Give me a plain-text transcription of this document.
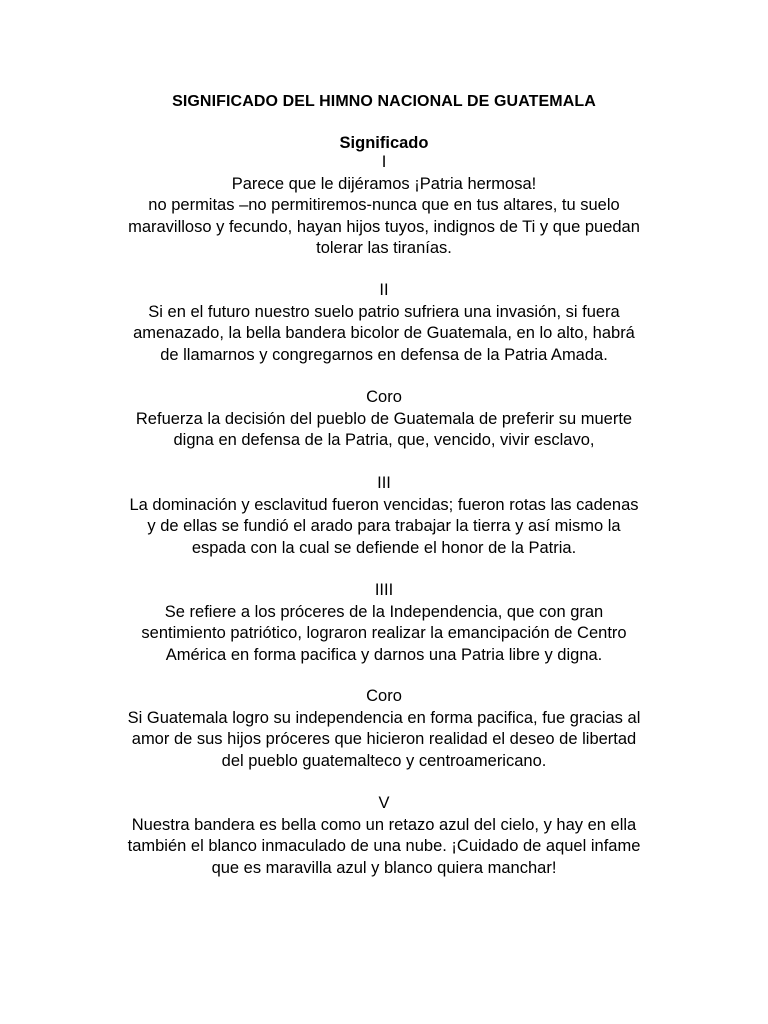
SIGNIFICADO DEL HIMNO NACIONAL DE GUATEMALA
Significado
I
Parece que le dijéramos ¡Patria hermosa!
no permitas –no permitiremos-nunca que en tus altares, tu suelo
maravilloso y fecundo, hayan hijos tuyos, indignos de Ti y que puedan
tolerar las tiranías.
II
Si en el futuro nuestro suelo patrio sufriera una invasión, si fuera
amenazado, la bella bandera bicolor de Guatemala, en lo alto, habrá
de llamarnos y congregarnos en defensa de la Patria Amada.
Coro
Refuerza la decisión del pueblo de Guatemala de preferir su muerte
digna en defensa de la Patria, que, vencido, vivir esclavo,
III
La dominación y esclavitud fueron vencidas; fueron rotas las cadenas
y de ellas se fundió el arado para trabajar la tierra y así mismo la
espada con la cual se defiende el honor de la Patria.
IIII
Se refiere a los próceres de la Independencia, que con gran
sentimiento patriótico, lograron realizar la emancipación de Centro
América en forma pacifica y darnos una Patria libre y digna.
Coro
Si Guatemala logro su independencia en forma pacifica, fue gracias al
amor de sus hijos próceres que hicieron realidad el deseo de libertad
del pueblo guatemalteco y centroamericano.
V
Nuestra bandera es bella como un retazo azul del cielo, y hay en ella
también el blanco inmaculado de una nube. ¡Cuidado de aquel infame
que es maravilla azul y blanco quiera manchar!
